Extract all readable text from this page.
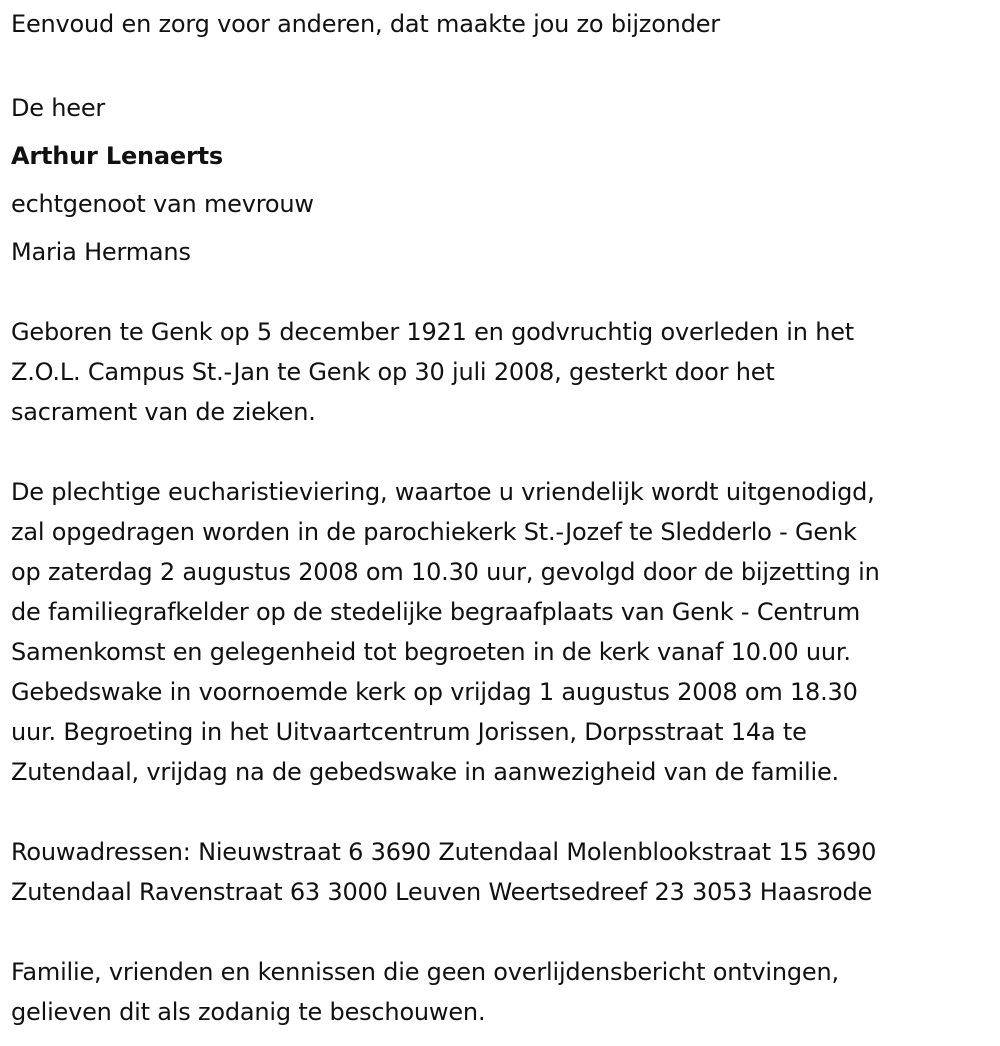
Eenvoud en zorg voor anderen, dat maakte jou zo bijzonder
De heer
Arthur Lenaerts
echtgenoot van mevrouw
Maria Hermans
Geboren te Genk op 5 december 1921 en godvruchtig overleden in het
Z.O.L. Campus St.-Jan te Genk op 30 juli 2008, gesterkt door het
sacrament van de zieken.
De plechtige eucharistieviering, waartoe u vriendelijk wordt uitgenodigd,
zal opgedragen worden in de parochiekerk St.-Jozef te Sledderlo - Genk
op zaterdag 2 augustus 2008 om 10.30 uur, gevolgd door de bijzetting in
de familiegrafkelder op de stedelijke begraafplaats van Genk - Centrum
Samenkomst en gelegenheid tot begroeten in de kerk vanaf 10.00 uur.
Gebedswake in voornoemde kerk op vrijdag 1 augustus 2008 om 18.30
uur. Begroeting in het Uitvaartcentrum Jorissen, Dorpsstraat 14a te
Zutendaal, vrijdag na de gebedswake in aanwezigheid van de familie.
Rouwadressen: Nieuwstraat 6 3690 Zutendaal Molenblookstraat 15 3690
Zutendaal Ravenstraat 63 3000 Leuven Weertsedreef 23 3053 Haasrode
Familie, vrienden en kennissen die geen overlijdensbericht ontvingen,
gelieven dit als zodanig te beschouwen.
